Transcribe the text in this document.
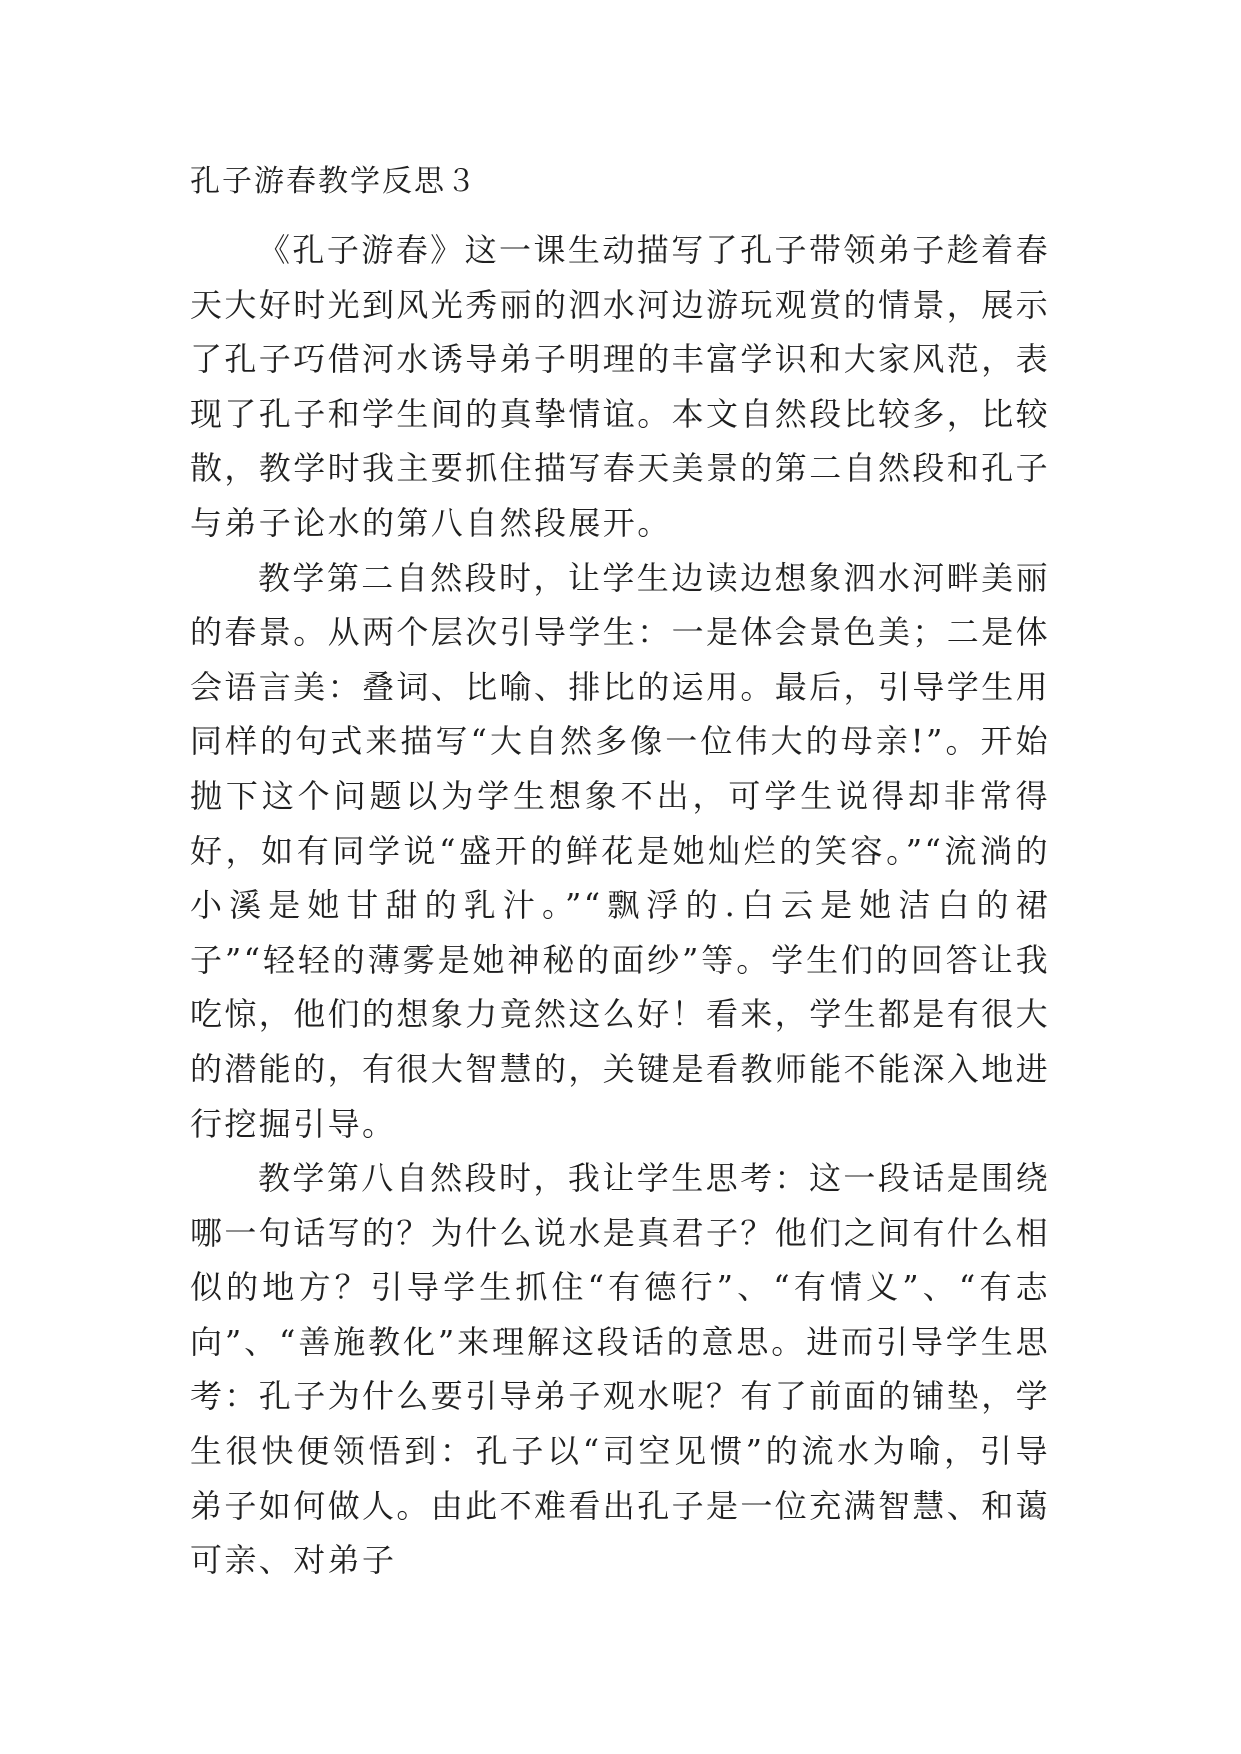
孔子游春教学反思３

《孔子游春》这一课生动描写了孔子带领弟子趁着春天大好时光到风光秀丽的泗水河边游玩观赏的情景，展示了孔子巧借河水诱导弟子明理的丰富学识和大家风范，表现了孔子和学生间的真挚情谊。本文自然段比较多，比较散，教学时我主要抓住描写春天美景的第二自然段和孔子与弟子论水的第八自然段展开。

教学第二自然段时，让学生边读边想象泗水河畔美丽的春景。从两个层次引导学生：一是体会景色美；二是体会语言美：叠词、比喻、排比的运用。最后，引导学生用同样的句式来描写“大自然多像一位伟大的母亲!”。开始抛下这个问题以为学生想象不出，可学生说得却非常得好，如有同学说“盛开的鲜花是她灿烂的笑容。”“流淌的小溪是她甘甜的乳汁。”“飘浮的.白云是她洁白的裙子”“轻轻的薄雾是她神秘的面纱”等。学生们的回答让我吃惊，他们的想象力竟然这么好！看来，学生都是有很大的潜能的，有很大智慧的，关键是看教师能不能深入地进行挖掘引导。

教学第八自然段时，我让学生思考：这一段话是围绕哪一句话写的？为什么说水是真君子？他们之间有什么相似的地方？引导学生抓住“有德行”、“有情义”、“有志向”、“善施教化”来理解这段话的意思。进而引导学生思考：孔子为什么要引导弟子观水呢？有了前面的铺垫，学生很快便领悟到：孔子以“司空见惯”的流水为喻，引导弟子如何做人。由此不难看出孔子是一位充满智慧、和蔼可亲、对弟子
